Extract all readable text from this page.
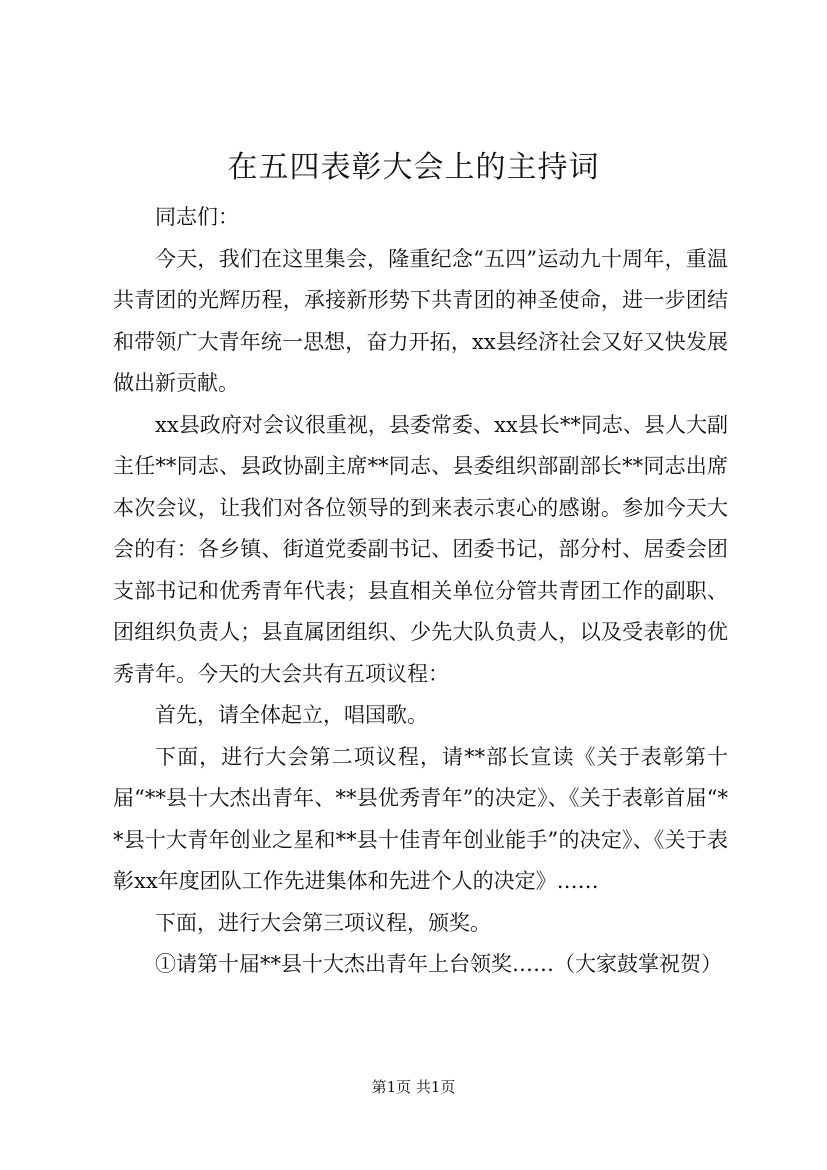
在五四表彰大会上的主持词

同志们：

今天，我们在这里集会，隆重纪念“五四”运动九十周年，重温共青团的光辉历程，承接新形势下共青团的神圣使命，进一步团结和带领广大青年统一思想，奋力开拓，xx县经济社会又好又快发展做出新贡献。

xx县政府对会议很重视，县委常委、xx县长**同志、县人大副主任**同志、县政协副主席**同志、县委组织部副部长**同志出席本次会议，让我们对各位领导的到来表示衷心的感谢。参加今天大会的有：各乡镇、街道党委副书记、团委书记，部分村、居委会团支部书记和优秀青年代表；县直相关单位分管共青团工作的副职、团组织负责人；县直属团组织、少先大队负责人，以及受表彰的优秀青年。今天的大会共有五项议程：

首先，请全体起立，唱国歌。

下面，进行大会第二项议程，请**部长宣读《关于表彰第十届“**县十大杰出青年、**县优秀青年”的决定》、《关于表彰首届“**县十大青年创业之星和**县十佳青年创业能手”的决定》、《关于表彰xx年度团队工作先进集体和先进个人的决定》……

下面，进行大会第三项议程，颁奖。

①请第十届**县十大杰出青年上台领奖……（大家鼓掌祝贺）

第1页 共1页
